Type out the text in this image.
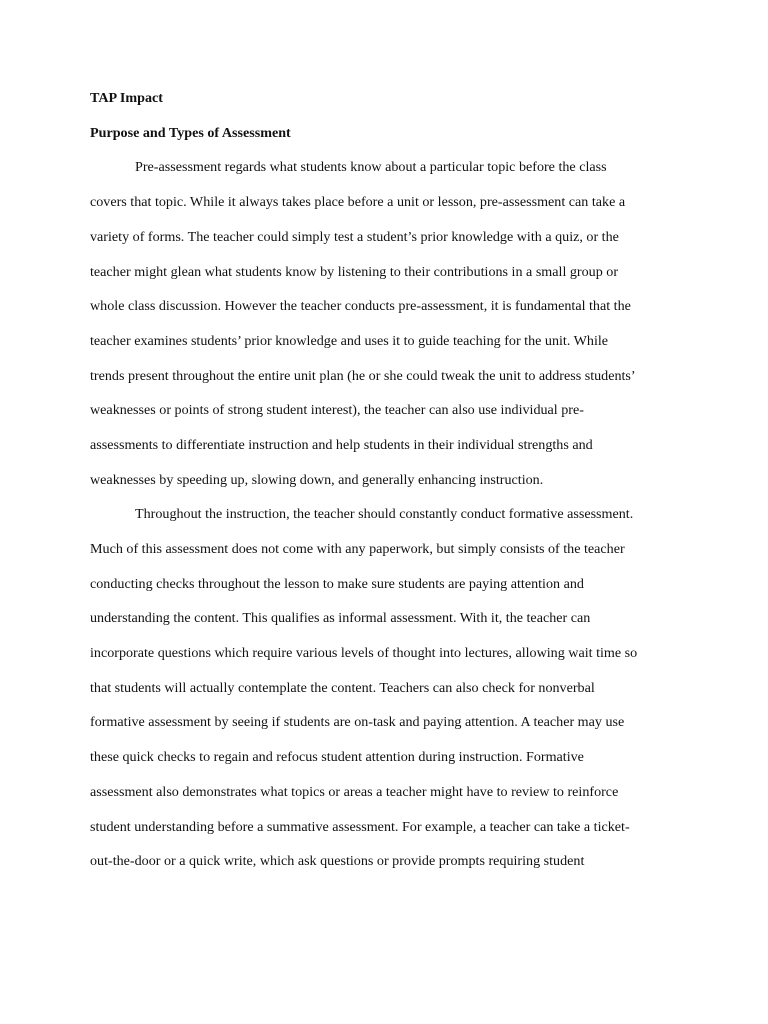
TAP Impact
Purpose and Types of Assessment
Pre-assessment regards what students know about a particular topic before the class
covers that topic. While it always takes place before a unit or lesson, pre-assessment can take a
variety of forms. The teacher could simply test a student’s prior knowledge with a quiz, or the
teacher might glean what students know by listening to their contributions in a small group or
whole class discussion. However the teacher conducts pre-assessment, it is fundamental that the
teacher examines students’ prior knowledge and uses it to guide teaching for the unit. While
trends present throughout the entire unit plan (he or she could tweak the unit to address students’
weaknesses or points of strong student interest), the teacher can also use individual pre-
assessments to differentiate instruction and help students in their individual strengths and
weaknesses by speeding up, slowing down, and generally enhancing instruction.
Throughout the instruction, the teacher should constantly conduct formative assessment.
Much of this assessment does not come with any paperwork, but simply consists of the teacher
conducting checks throughout the lesson to make sure students are paying attention and
understanding the content. This qualifies as informal assessment. With it, the teacher can
incorporate questions which require various levels of thought into lectures, allowing wait time so
that students will actually contemplate the content. Teachers can also check for nonverbal
formative assessment by seeing if students are on-task and paying attention. A teacher may use
these quick checks to regain and refocus student attention during instruction. Formative
assessment also demonstrates what topics or areas a teacher might have to review to reinforce
student understanding before a summative assessment. For example, a teacher can take a ticket-
out-the-door or a quick write, which ask questions or provide prompts requiring student
